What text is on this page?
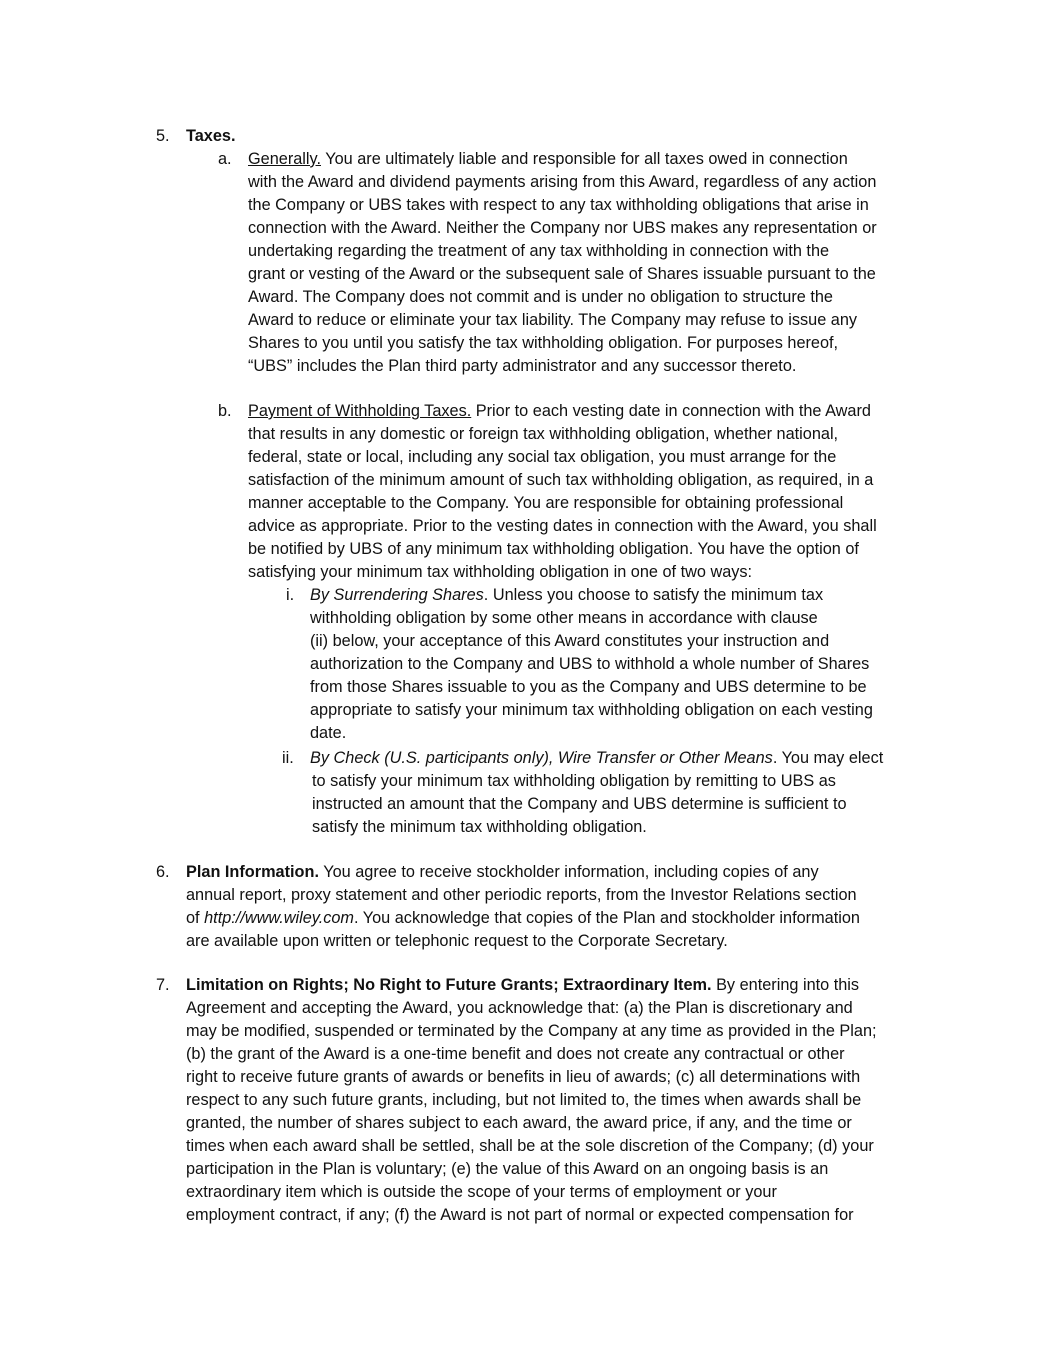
5. Taxes.
a. Generally. You are ultimately liable and responsible for all taxes owed in connection
with the Award and dividend payments arising from this Award, regardless of any action
the Company or UBS takes with respect to any tax withholding obligations that arise in
connection with the Award. Neither the Company nor UBS makes any representation or
undertaking regarding the treatment of any tax withholding in connection with the
grant or vesting of the Award or the subsequent sale of Shares issuable pursuant to the
Award. The Company does not commit and is under no obligation to structure the
Award to reduce or eliminate your tax liability. The Company may refuse to issue any
Shares to you until you satisfy the tax withholding obligation. For purposes hereof,
“UBS” includes the Plan third party administrator and any successor thereto.
b. Payment of Withholding Taxes. Prior to each vesting date in connection with the Award
that results in any domestic or foreign tax withholding obligation, whether national,
federal, state or local, including any social tax obligation, you must arrange for the
satisfaction of the minimum amount of such tax withholding obligation, as required, in a
manner acceptable to the Company. You are responsible for obtaining professional
advice as appropriate. Prior to the vesting dates in connection with the Award, you shall
be notified by UBS of any minimum tax withholding obligation. You have the option of
satisfying your minimum tax withholding obligation in one of two ways:
i. By Surrendering Shares. Unless you choose to satisfy the minimum tax
withholding obligation by some other means in accordance with clause
(ii) below, your acceptance of this Award constitutes your instruction and
authorization to the Company and UBS to withhold a whole number of Shares
from those Shares issuable to you as the Company and UBS determine to be
appropriate to satisfy your minimum tax withholding obligation on each vesting
date.
ii. By Check (U.S. participants only), Wire Transfer or Other Means. You may elect
to satisfy your minimum tax withholding obligation by remitting to UBS as
instructed an amount that the Company and UBS determine is sufficient to
satisfy the minimum tax withholding obligation.
6. Plan Information. You agree to receive stockholder information, including copies of any
annual report, proxy statement and other periodic reports, from the Investor Relations section
of http://www.wiley.com. You acknowledge that copies of the Plan and stockholder information
are available upon written or telephonic request to the Corporate Secretary.
7. Limitation on Rights; No Right to Future Grants; Extraordinary Item. By entering into this
Agreement and accepting the Award, you acknowledge that: (a) the Plan is discretionary and
may be modified, suspended or terminated by the Company at any time as provided in the Plan;
(b) the grant of the Award is a one-time benefit and does not create any contractual or other
right to receive future grants of awards or benefits in lieu of awards; (c) all determinations with
respect to any such future grants, including, but not limited to, the times when awards shall be
granted, the number of shares subject to each award, the award price, if any, and the time or
times when each award shall be settled, shall be at the sole discretion of the Company; (d) your
participation in the Plan is voluntary; (e) the value of this Award on an ongoing basis is an
extraordinary item which is outside the scope of your terms of employment or your
employment contract, if any; (f) the Award is not part of normal or expected compensation for
